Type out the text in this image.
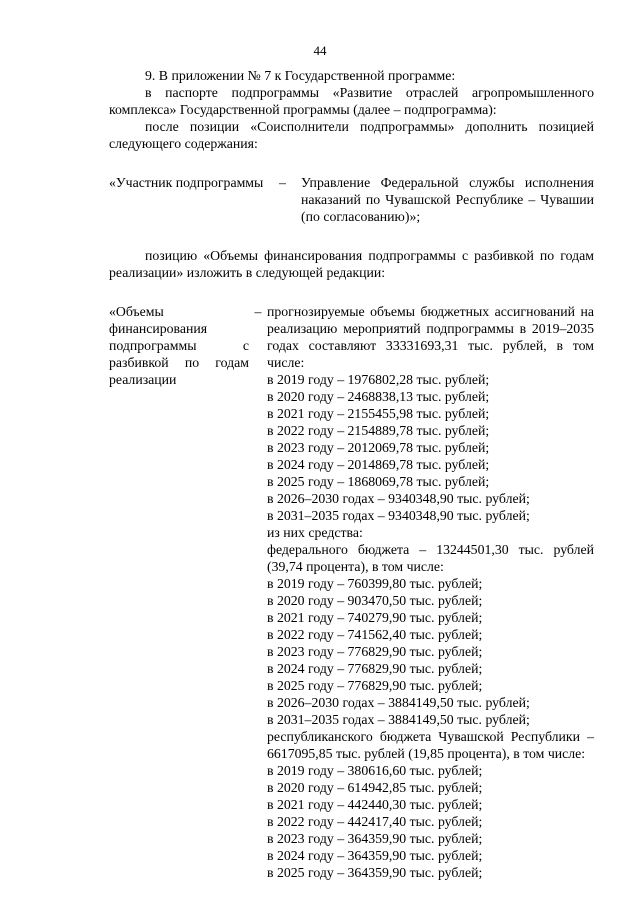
44

9. В приложении № 7 к Государственной программе:

в паспорте подпрограммы «Развитие отраслей агропромышленного комплекса» Государственной программы (далее – подпрограмма):

после позиции «Соисполнители подпрограммы» дополнить позицией следующего содержания:

«Участник подпрограммы	–	Управление Федеральной службы исполнения наказаний по Чувашской Республике – Чувашии (по согласованию)»;

позицию «Объемы финансирования подпрограммы с разбивкой по годам реализации» изложить в следующей редакции:

«Объемы финансирования подпрограммы с разбивкой по годам реализации
– прогнозируемые объемы бюджетных ассигнований на реализацию мероприятий подпрограммы в 2019–2035 годах составляют 33331693,31 тыс. рублей, в том числе:
в 2019 году – 1976802,28 тыс. рублей;
в 2020 году – 2468838,13 тыс. рублей;
в 2021 году – 2155455,98 тыс. рублей;
в 2022 году – 2154889,78 тыс. рублей;
в 2023 году – 2012069,78 тыс. рублей;
в 2024 году – 2014869,78 тыс. рублей;
в 2025 году – 1868069,78 тыс. рублей;
в 2026–2030 годах – 9340348,90 тыс. рублей;
в 2031–2035 годах – 9340348,90 тыс. рублей;
из них средства:
федерального бюджета – 13244501,30 тыс. рублей (39,74 процента), в том числе:
в 2019 году – 760399,80 тыс. рублей;
в 2020 году – 903470,50 тыс. рублей;
в 2021 году – 740279,90 тыс. рублей;
в 2022 году – 741562,40 тыс. рублей;
в 2023 году – 776829,90 тыс. рублей;
в 2024 году – 776829,90 тыс. рублей;
в 2025 году – 776829,90 тыс. рублей;
в 2026–2030 годах – 3884149,50 тыс. рублей;
в 2031–2035 годах – 3884149,50 тыс. рублей;
республиканского бюджета Чувашской Республики – 6617095,85 тыс. рублей (19,85 процента), в том числе:
в 2019 году – 380616,60 тыс. рублей;
в 2020 году – 614942,85 тыс. рублей;
в 2021 году – 442440,30 тыс. рублей;
в 2022 году – 442417,40 тыс. рублей;
в 2023 году – 364359,90 тыс. рублей;
в 2024 году – 364359,90 тыс. рублей;
в 2025 году – 364359,90 тыс. рублей;
